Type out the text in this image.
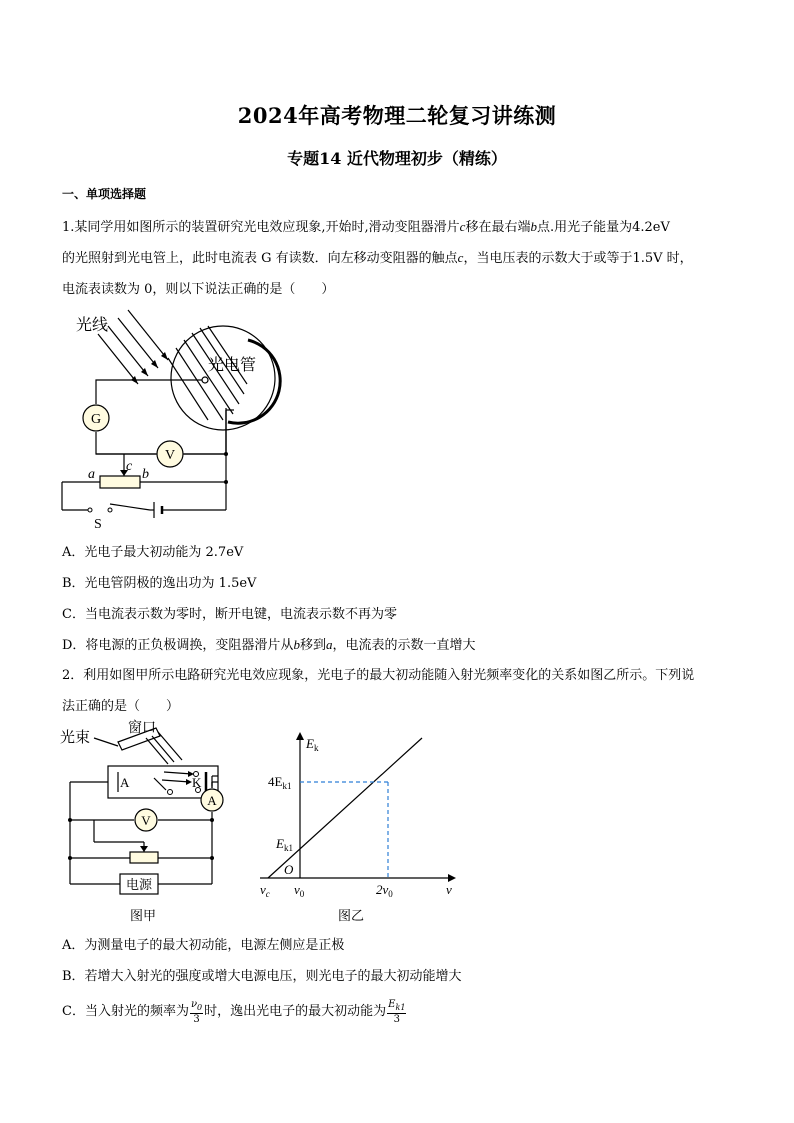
2024年高考物理二轮复习讲练测
专题14 近代物理初步（精练）
一、单项选择题
1.某同学用如图所示的装置研究光电效应现象,开始时,滑动变阻器滑片c移在最右端b点.用光子能量为4.2eV
的光照射到光电管上，此时电流表 G 有读数．向左移动变阻器的触点c，当电压表的示数大于或等于1.5V 时，
电流表读数为 0，则以下说法正确的是（　　）
G
V
光线
光电管
a
c
b
S
A．光电子最大初动能为 2.7eV
B．光电管阴极的逸出功为 1.5eV
C．当电流表示数为零时，断开电键，电流表示数不再为零
D．将电源的正负极调换，变阻器滑片从b移到a，电流表的示数一直增大
2．利用如图甲所示电路研究光电效应现象，光电子的最大初动能随入射光频率变化的关系如图乙所示。下列说
法正确的是（　　）
A
V
电源
光束
窗口
A	K
图甲
$E_k$
$4E_{k1}$
$E_{k1}$
O
$\nu_c$ $\nu_0$	$2\nu_0$	ν
图乙
A．为测量电子的最大初动能，电源左侧应是正极
B．若增大入射光的强度或增大电源电压，则光电子的最大初动能增大
C．当入射光的频率为 $\frac{\nu_0}{3}$ 时，逸出光电子的最大初动能为 $\frac{E_{k1}}{3}$
